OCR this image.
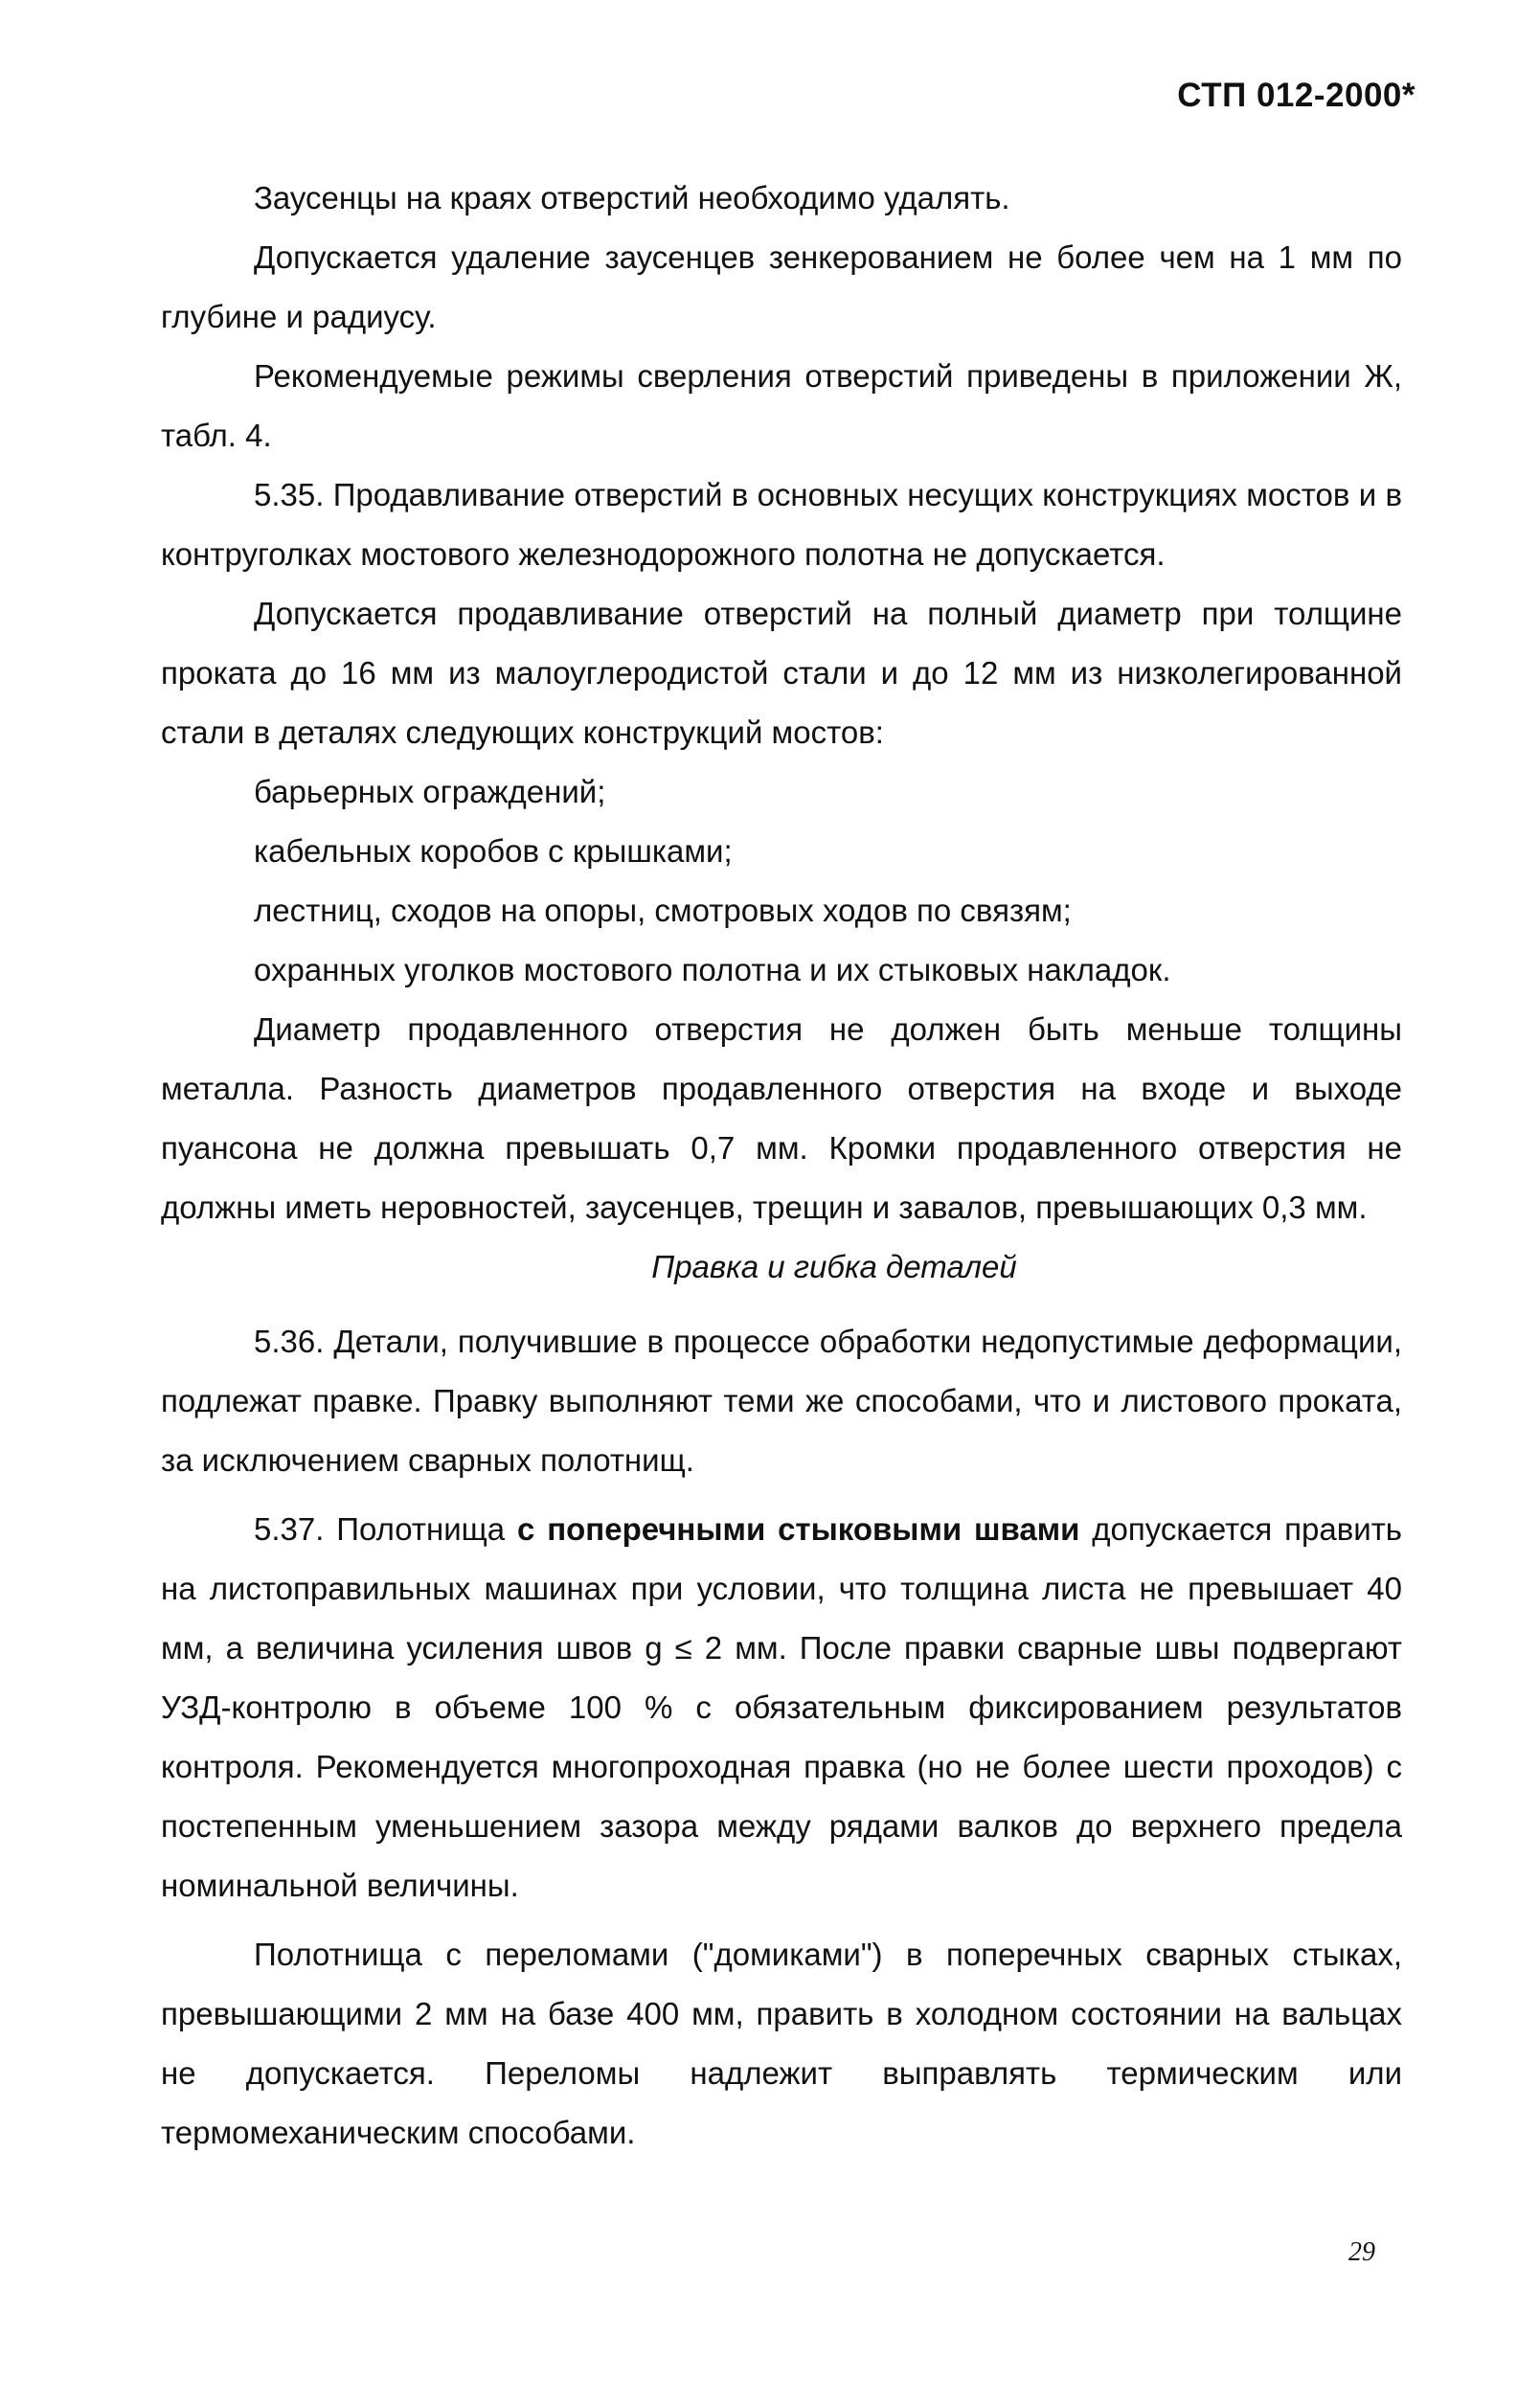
СТП 012-2000*

Заусенцы на краях отверстий необходимо удалять.

Допускается удаление заусенцев зенкерованием не более чем на 1 мм по глубине и радиусу.

Рекомендуемые режимы сверления отверстий приведены в приложении Ж, табл. 4.

5.35. Продавливание отверстий в основных несущих конструкциях мостов и в контруголках мостового железнодорожного полотна не допускается.

Допускается продавливание отверстий на полный диаметр при толщине проката до 16 мм из малоуглеродистой стали и до 12 мм из низколегированной стали в деталях следующих конструкций мостов:

барьерных ограждений;

кабельных коробов с крышками;

лестниц, сходов на опоры, смотровых ходов по связям;

охранных уголков мостового полотна и их стыковых накладок.

Диаметр продавленного отверстия не должен быть меньше толщины металла. Разность диаметров продавленного отверстия на входе и выходе пуансона не должна превышать 0,7 мм. Кромки продавленного отверстия не должны иметь неровностей, заусенцев, трещин и завалов, превышающих 0,3 мм.

Правка и гибка деталей

5.36. Детали, получившие в процессе обработки недопустимые деформации, подлежат правке. Правку выполняют теми же способами, что и листового проката, за исключением сварных полотнищ.

5.37. Полотнища с поперечными стыковыми швами допускается править на листоправильных машинах при условии, что толщина листа не превышает 40 мм, а величина усиления швов g ≤ 2 мм. После правки сварные швы подвергают УЗД-контролю в объеме 100 % с обязательным фиксированием результатов контроля. Рекомендуется многопроходная правка (но не более шести проходов) с постепенным уменьшением зазора между рядами валков до верхнего предела номинальной величины.

Полотнища с переломами ("домиками") в поперечных сварных стыках, превышающими 2 мм на базе 400 мм, править в холодном состоянии на вальцах не допускается. Переломы надлежит выправлять термическим или термомеханическим способами.

29
